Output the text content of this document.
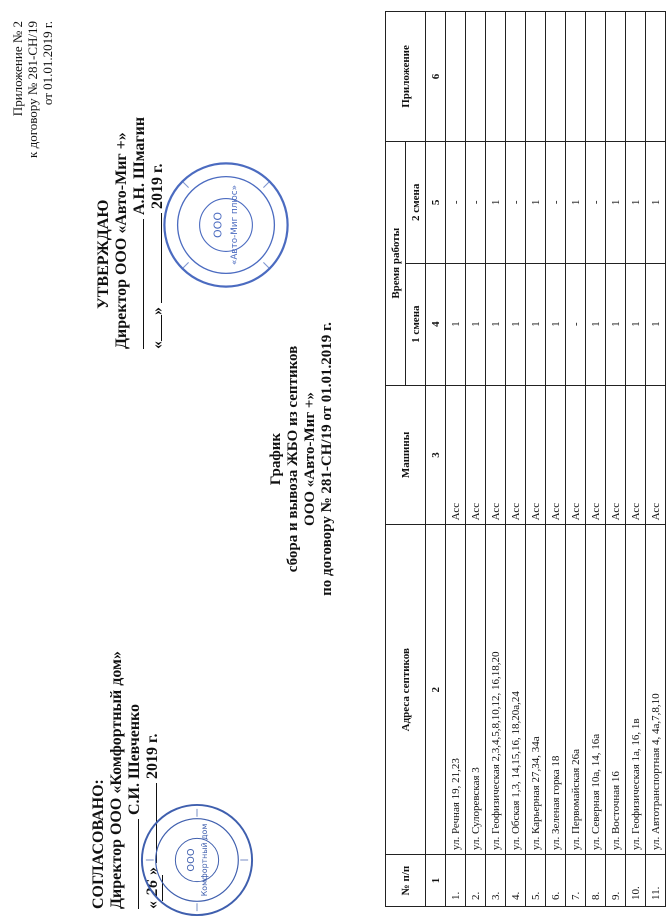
Приложение № 2 к договору № 281-СН/19 от 01.01.2019 г.
СОГЛАСОВАНО: Директор ООО «Комфортный дом» С.И. Шевченко
«26»  2019 г.
ООО Комфортный дом
ООО «Авто-Миг плюс»
УТВЕРЖДАЮ Директор ООО «Авто-Миг +» А.Н. Шмагин
«»  2019 г.
График сбора и вывоза ЖБО из септиков ООО «Авто-Миг +» по договору № 281-СН/19 от 01.01.2019 г.
№ п/п	Адреса септиков	Машины	Время работы		Приложение
			1 смена	2 смена	
1	2	3	4	5	6
1.	ул. Речная 19, 21,23	Асс	1	-	
2.	ул. Сулоревская 3	Асс	1	-	
3.	ул. Геофизическая 2,3,4,5,8,10,12, 16,18,20	Асс	1	1	
4.	ул. Обская 1,3, 14,15,16, 18,20а,24	Асс	1	-	
5.	ул. Карьерная 27,34, 34а	Асс	1	1	
6.	ул. Зеленая горка 18	Асс	1	-	
7.	ул. Первомайская 26а	Асс	-	1	
8.	ул. Северная 10а, 14, 16а	Асс	1	-	
9.	ул. Восточная 16	Асс	1	1	
10.	ул. Геофизическая 1а, 16, 1в	Асс	1	1	
11.	ул. Автотранспортная 4, 4а,7,8,10	Асс	1	1	
